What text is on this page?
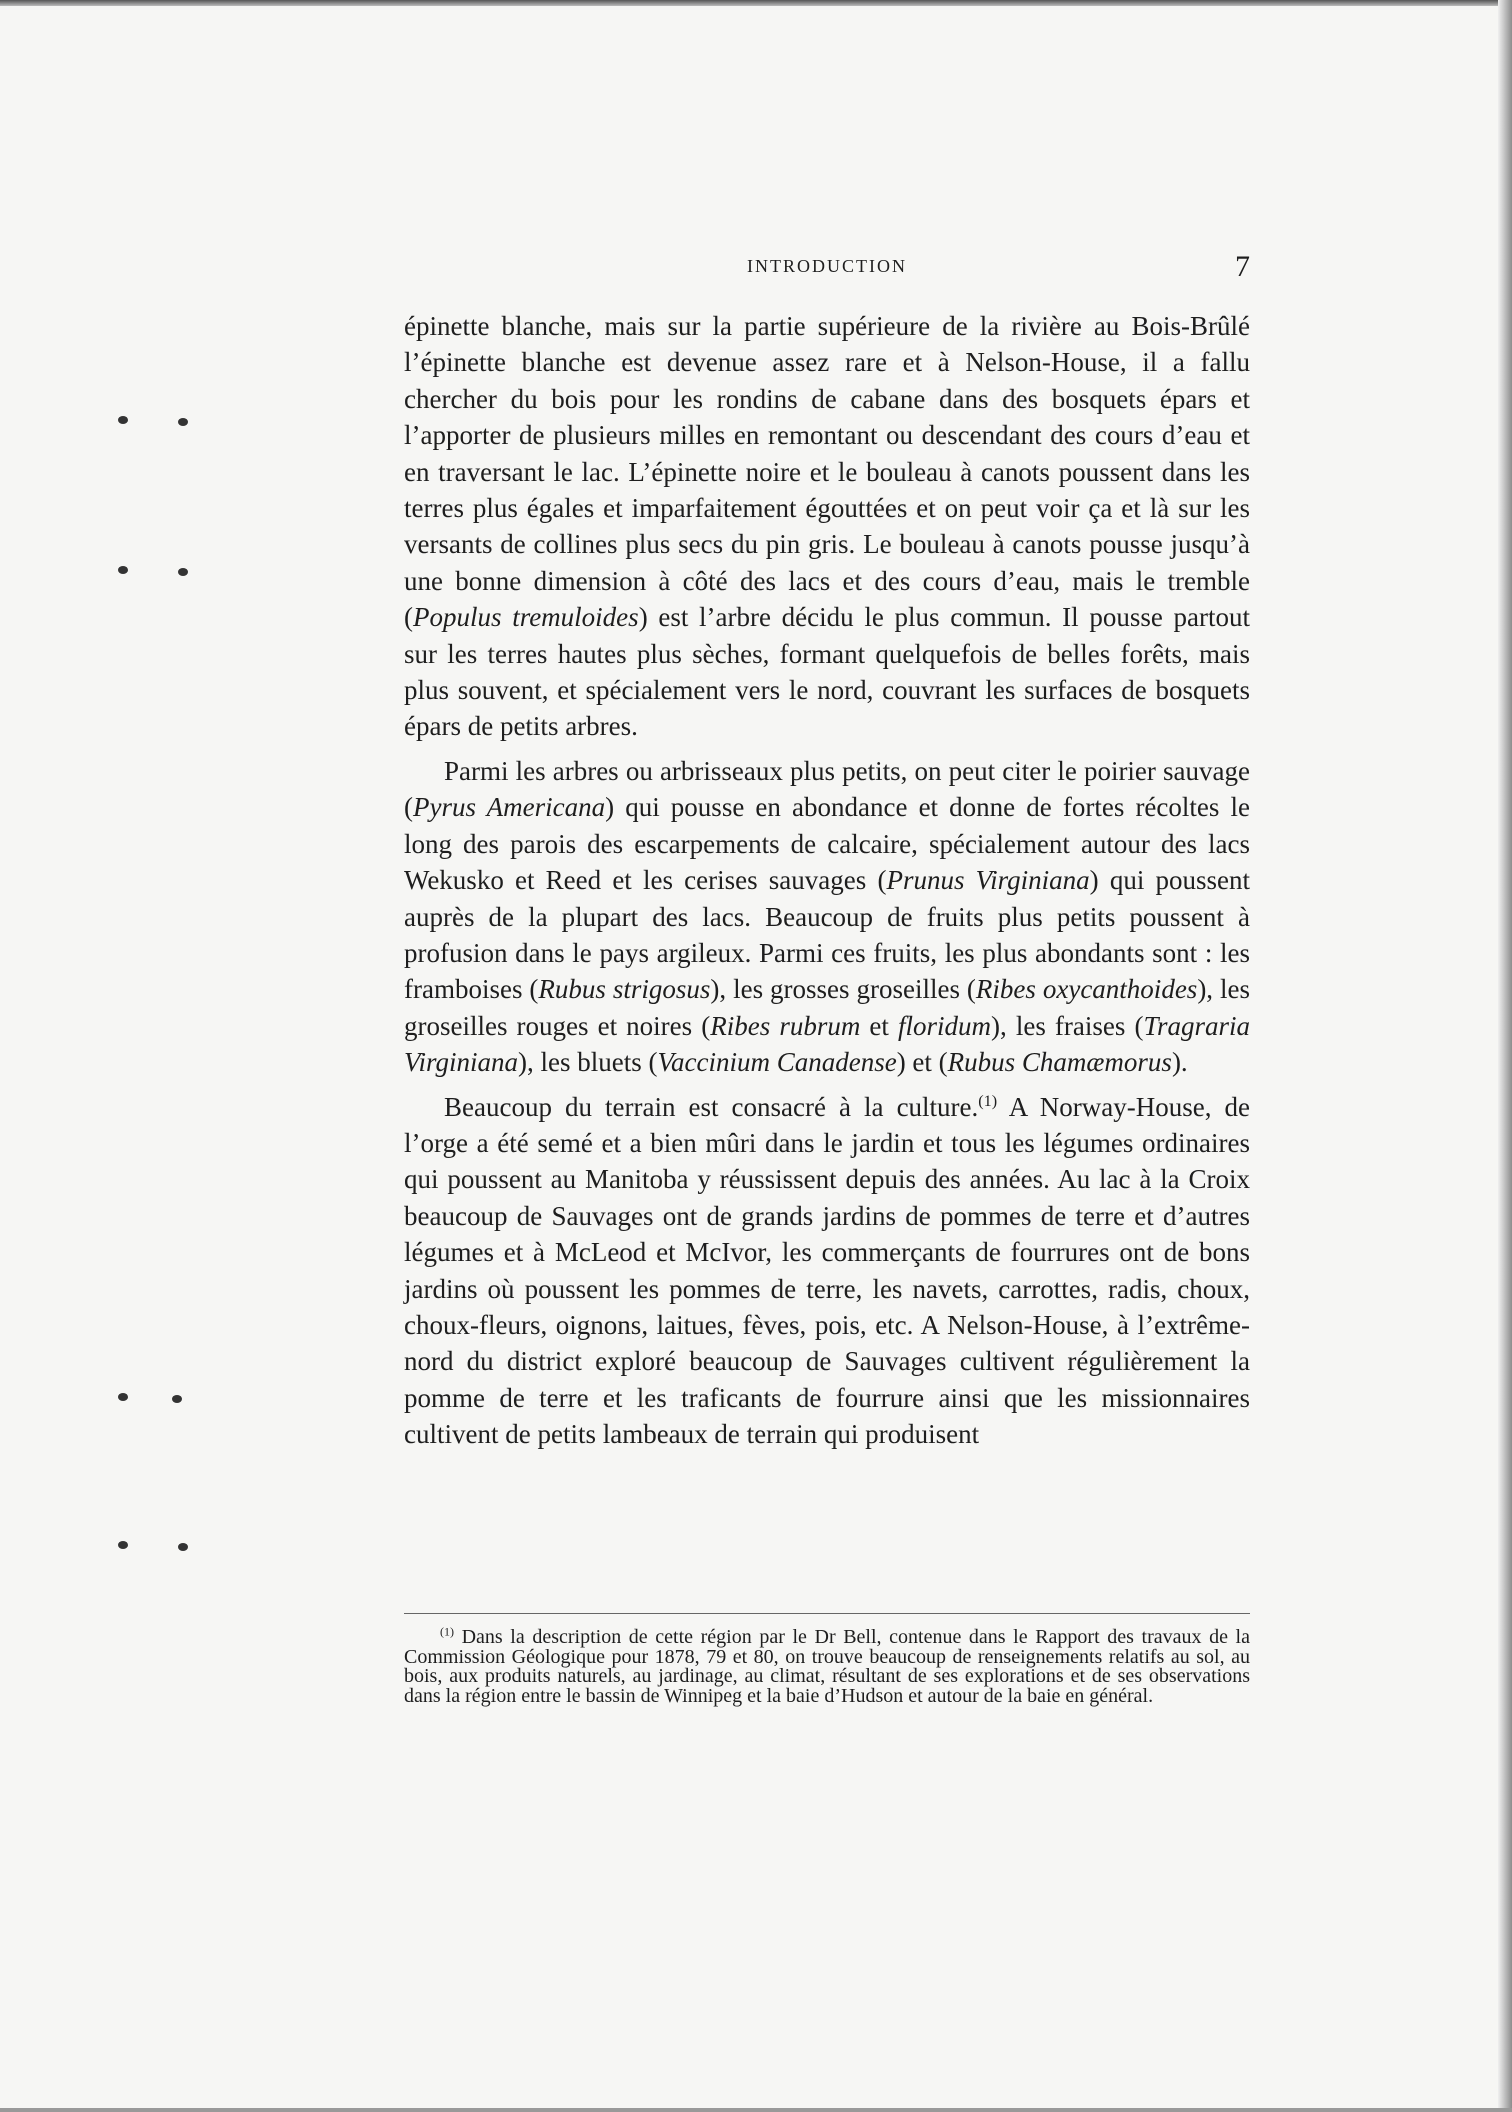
INTRODUCTION	7

épinette blanche, mais sur la partie supérieure de la rivière au Bois-Brûlé l’épinette blanche est devenue assez rare et à Nelson-House, il a fallu chercher du bois pour les rondins de cabane dans des bosquets épars et l’apporter de plusieurs milles en remontant ou descendant des cours d’eau et en traversant le lac. L’épinette noire et le bouleau à canots poussent dans les terres plus égales et imparfaitement égouttées et on peut voir ça et là sur les versants de collines plus secs du pin gris. Le bouleau à canots pousse jusqu’à une bonne dimension à côté des lacs et des cours d’eau, mais le tremble (Populus tremuloides) est l’arbre décidu le plus commun. Il pousse partout sur les terres hautes plus sèches, formant quelquefois de belles forêts, mais plus souvent, et spécialement vers le nord, couvrant les surfaces de bosquets épars de petits arbres.

Parmi les arbres ou arbrisseaux plus petits, on peut citer le poirier sauvage (Pyrus Americana) qui pousse en abondance et donne de fortes récoltes le long des parois des escarpements de calcaire, spécialement autour des lacs Wekusko et Reed et les cerises sauvages (Prunus Virginiana) qui poussent auprès de la plupart des lacs. Beaucoup de fruits plus petits poussent à profusion dans le pays argileux. Parmi ces fruits, les plus abondants sont : les framboises (Rubus strigosus), les grosses groseilles (Ribes oxycanthoides), les groseilles rouges et noires (Ribes rubrum et floridum), les fraises (Tragraria Virginiana), les bluets (Vaccinium Canadense) et (Rubus Chamæmorus).

Beaucoup du terrain est consacré à la culture.$^{(1)}$ A Norway-House, de l’orge a été semé et a bien mûri dans le jardin et tous les légumes ordinaires qui poussent au Manitoba y réussissent depuis des années. Au lac à la Croix beaucoup de Sauvages ont de grands jardins de pommes de terre et d’autres légumes et à McLeod et McIvor, les commerçants de fourrures ont de bons jardins où poussent les pommes de terre, les navets, carrottes, radis, choux, choux-fleurs, oignons, laitues, fèves, pois, etc. A Nelson-House, à l’extrême-nord du district exploré beaucoup de Sauvages cultivent régulièrement la pomme de terre et les traficants de fourrure ainsi que les missionnaires cultivent de petits lambeaux de terrain qui produisent

$^{(1)}$ Dans la description de cette région par le Dr Bell, contenue dans le Rapport des travaux de la Commission Géologique pour 1878, 79 et 80, on trouve beaucoup de renseignements relatifs au sol, au bois, aux produits naturels, au jardinage, au climat, résultant de ses explorations et de ses observations dans la région entre le bassin de Winnipeg et la baie d’Hudson et autour de la baie en général.
